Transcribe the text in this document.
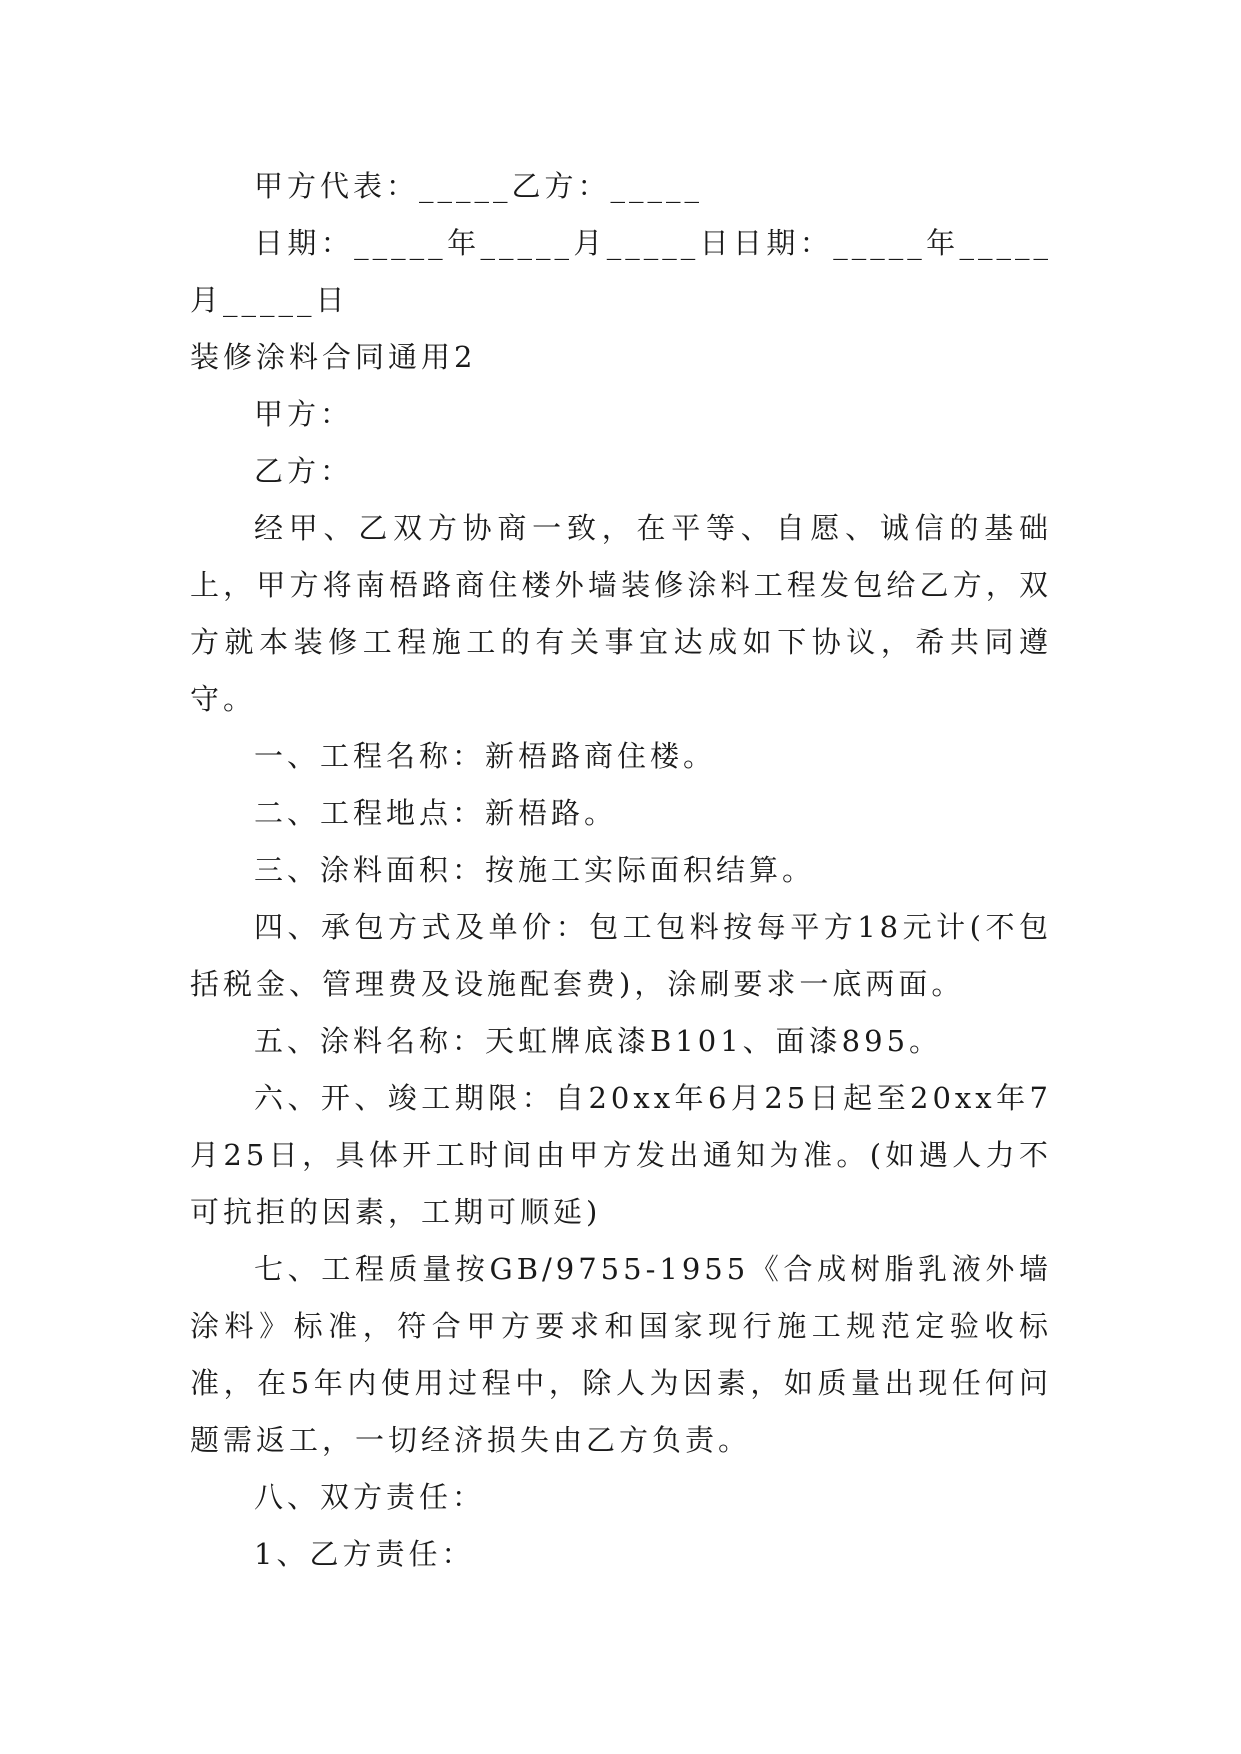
甲方代表：_____乙方：_____

日期：_____年_____月_____日日期：_____年_____月_____日

装修涂料合同通用2

甲方：

乙方：

经甲、乙双方协商一致，在平等、自愿、诚信的基础上，甲方将南梧路商住楼外墙装修涂料工程发包给乙方，双方就本装修工程施工的有关事宜达成如下协议，希共同遵守。

一、工程名称：新梧路商住楼。

二、工程地点：新梧路。

三、涂料面积：按施工实际面积结算。

四、承包方式及单价：包工包料按每平方18元计(不包括税金、管理费及设施配套费)，涂刷要求一底两面。

五、涂料名称：天虹牌底漆B101、面漆895。

六、开、竣工期限：自20xx年6月25日起至20xx年7月25日，具体开工时间由甲方发出通知为准。(如遇人力不可抗拒的因素，工期可顺延)

七、工程质量按GB/9755-1955《合成树脂乳液外墙涂料》标准，符合甲方要求和国家现行施工规范定验收标准，在5年内使用过程中，除人为因素，如质量出现任何问题需返工，一切经济损失由乙方负责。

八、双方责任：

1、乙方责任：
